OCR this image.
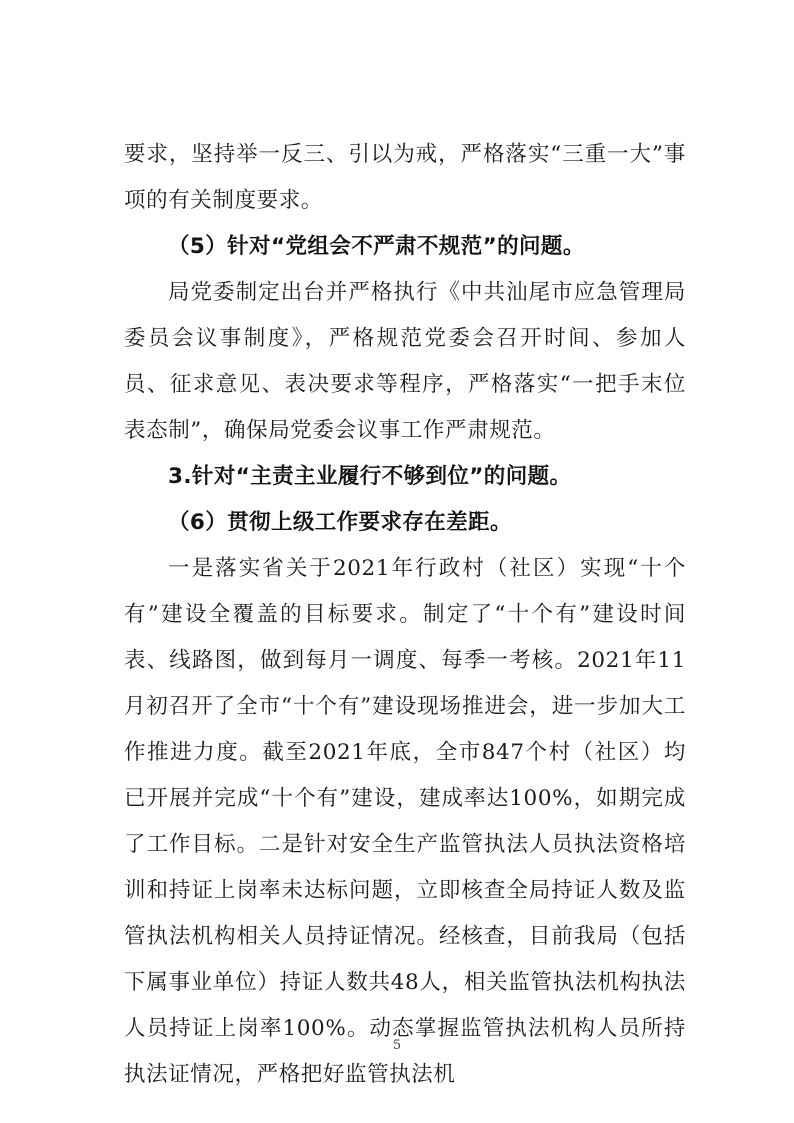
要求，坚持举一反三、引以为戒，严格落实“三重一大”事项的有关制度要求。

（5）针对“党组会不严肃不规范”的问题。

局党委制定出台并严格执行《中共汕尾市应急管理局委员会议事制度》，严格规范党委会召开时间、参加人员、征求意见、表决要求等程序，严格落实“一把手末位表态制”，确保局党委会议事工作严肃规范。

3.针对“主责主业履行不够到位”的问题。

（6）贯彻上级工作要求存在差距。

一是落实省关于2021年行政村（社区）实现“十个有”建设全覆盖的目标要求。制定了“十个有”建设时间表、线路图，做到每月一调度、每季一考核。2021年11月初召开了全市“十个有”建设现场推进会，进一步加大工作推进力度。截至2021年底，全市847个村（社区）均已开展并完成“十个有”建设，建成率达100%，如期完成了工作目标。二是针对安全生产监管执法人员执法资格培训和持证上岗率未达标问题，立即核查全局持证人数及监管执法机构相关人员持证情况。经核查，目前我局（包括下属事业单位）持证人数共48人，相关监管执法机构执法人员持证上岗率100%。动态掌握监管执法机构人员所持执法证情况，严格把好监管执法机

5
